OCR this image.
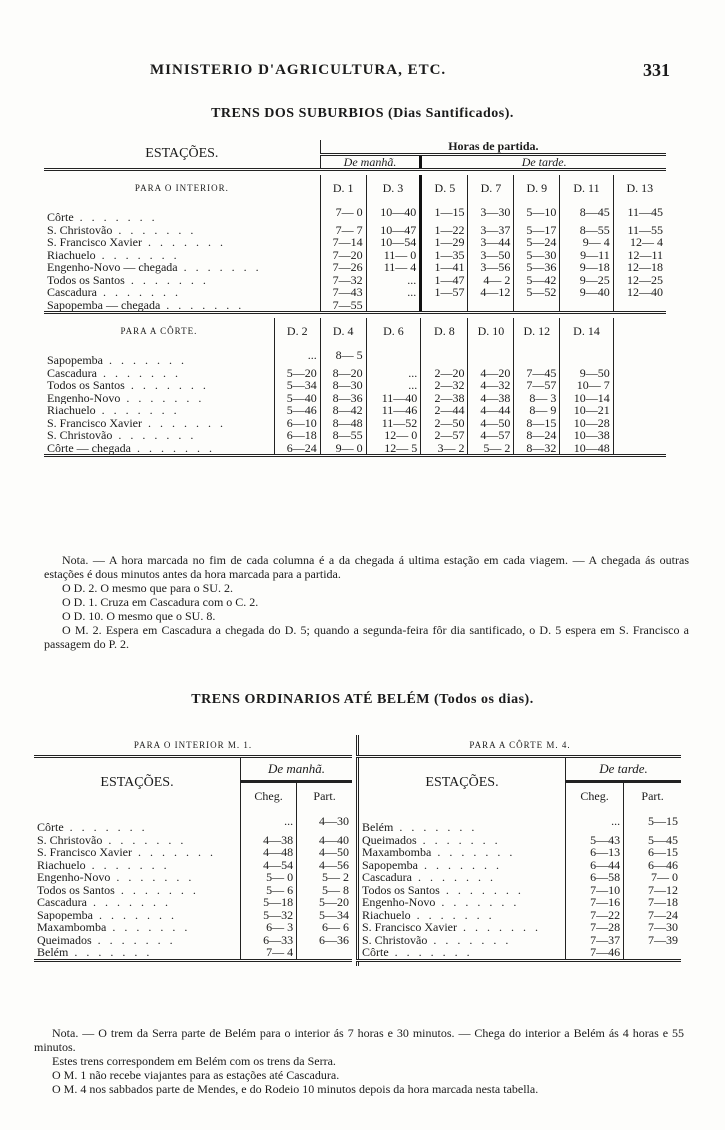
MINISTERIO D'AGRICULTURA, ETC.	331
TRENS DOS SUBURBIOS (Dias Santificados).
ESTAÇÕES.		Horas de partida.						
		De manhã.		De tarde.				

PARA O INTERIOR.		D. 1	D. 3	D. 5	D. 7	D. 9	D. 11	D. 13
Côrte . . . . . . .		7— 0	10—40	1—15	3—30	5—10	8—45	11—45
S. Christovão . . . . . . .		7— 7	10—47	1—22	3—37	5—17	8—55	11—55
S. Francisco Xavier . . . . . . .		7—14	10—54	1—29	3—44	5—24	9— 4	12— 4
Riachuelo . . . . . . .		7—20	11— 0	1—35	3—50	5—30	9—11	12—11
Engenho-Novo — chegada . . . . . . .		7—26	11— 4	1—41	3—56	5—36	9—18	12—18
Todos os Santos . . . . . . .		7—32	...	1—47	4— 2	5—42	9—25	12—25
Cascadura . . . . . . .		7—43	...	1—57	4—12	5—52	9—40	12—40
Sapopemba — chegada . . . . . . .		7—55						

PARA A CÔRTE.	D. 2	D. 4	D. 6	D. 8	D. 10	D. 12	D. 14	
Sapopemba . . . . . . .	...	8— 5						
Cascadura . . . . . . .	5—20	8—20	...	2—20	4—20	7—45	9—50	
Todos os Santos . . . . . . .	5—34	8—30	...	2—32	4—32	7—57	10— 7	
Engenho-Novo . . . . . . .	5—40	8—36	11—40	2—38	4—38	8— 3	10—14	
Riachuelo . . . . . . .	5—46	8—42	11—46	2—44	4—44	8— 9	10—21	
S. Francisco Xavier . . . . . . .	6—10	8—48	11—52	2—50	4—50	8—15	10—28	
S. Christovão . . . . . . .	6—18	8—55	12— 0	2—57	4—57	8—24	10—38	
Côrte — chegada . . . . . . .	6—24	9— 0	12— 5	3— 2	5— 2	8—32	10—48	

Nota. — A hora marcada no fim de cada columna é a da chegada á ultima estação em cada viagem. — A chegada ás outras estações é dous minutos antes da hora marcada para a partida.

O D. 2. O mesmo que para o SU. 2.

O D. 1. Cruza em Cascadura com o C. 2.

O D. 10. O mesmo que o SU. 8.

O M. 2. Espera em Cascadura a chegada do D. 5; quando a segunda-feira fôr dia santificado, o D. 5 espera em S. Francisco a passagem do P. 2.

TRENS ORDINARIOS ATÉ BELÉM (Todos os dias).
PARA O INTERIOR M. 1.		
ESTAÇÕES.	De manhã.	
	Cheg.	Part.
Côrte . . . . . . .	...	4—30
S. Christovão . . . . . . .	4—38	4—40
S. Francisco Xavier . . . . . . .	4—48	4—50
Riachuelo . . . . . . .	4—54	4—56
Engenho-Novo . . . . . . .	5— 0	5— 2
Todos os Santos . . . . . . .	5— 6	5— 8
Cascadura . . . . . . .	5—18	5—20
Sapopemba . . . . . . .	5—32	5—34
Maxambomba . . . . . . .	6— 3	6— 6
Queimados . . . . . . .	6—33	6—36
Belém . . . . . . .	7— 4	

PARA A CÔRTE M. 4.		
ESTAÇÕES.	De tarde.	
	Cheg.	Part.
Belém . . . . . . .	...	5—15
Queimados . . . . . . .	5—43	5—45
Maxambomba . . . . . . .	6—13	6—15
Sapopemba . . . . . . .	6—44	6—46
Cascadura . . . . . . .	6—58	7— 0
Todos os Santos . . . . . . .	7—10	7—12
Engenho-Novo . . . . . . .	7—16	7—18
Riachuelo . . . . . . .	7—22	7—24
S. Francisco Xavier . . . . . . .	7—28	7—30
S. Christovão . . . . . . .	7—37	7—39
Côrte . . . . . . .	7—46	

Nota. — O trem da Serra parte de Belém para o interior ás 7 horas e 30 minutos. — Chega do interior a Belém ás 4 horas e 55 minutos.

Estes trens correspondem em Belém com os trens da Serra.

O M. 1 não recebe viajantes para as estações até Cascadura.

O M. 4 nos sabbados parte de Mendes, e do Rodeio 10 minutos depois da hora marcada nesta tabella.
